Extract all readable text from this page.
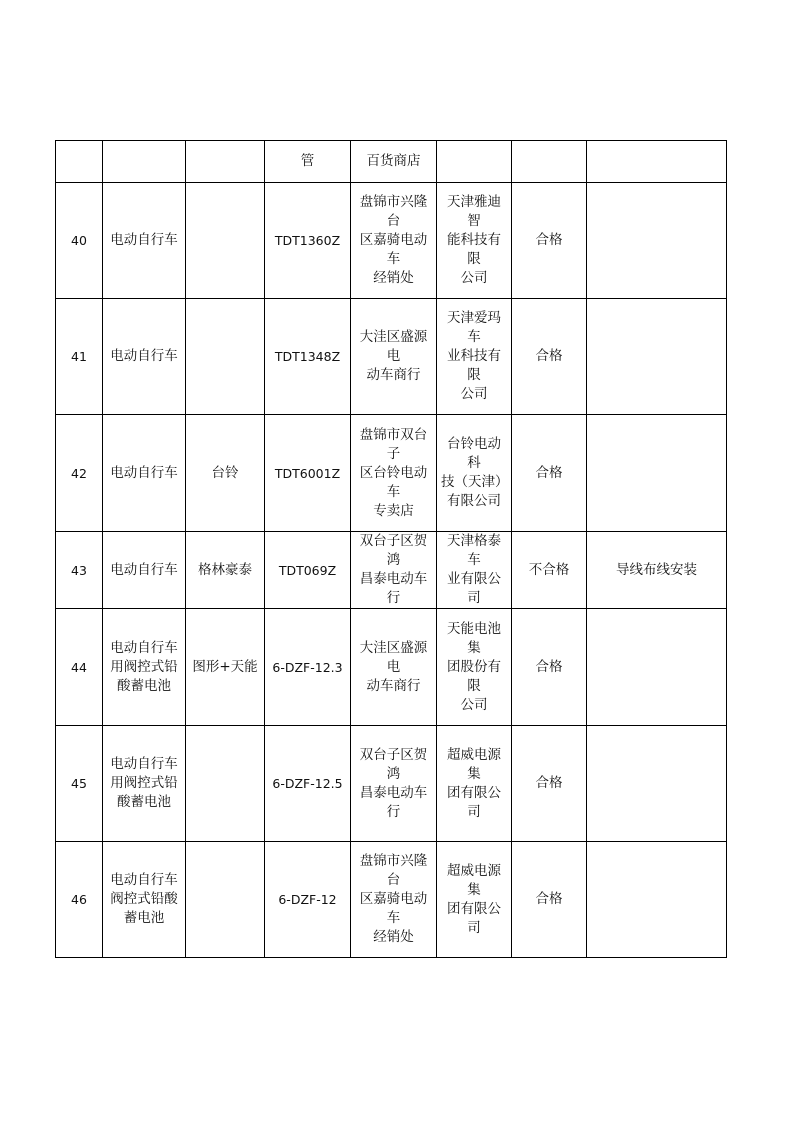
			管	百货商店			
40	电动自行车		TDT1360Z	盘锦市兴隆台
区嘉骑电动车
经销处	天津雅迪智
能科技有限
公司	合格	
41	电动自行车		TDT1348Z	大洼区盛源电
动车商行	天津爱玛车
业科技有限
公司	合格	
42	电动自行车	台铃	TDT6001Z	盘锦市双台子
区台铃电动车
专卖店	台铃电动科
技（天津）
有限公司	合格	
43	电动自行车	格林豪泰	TDT069Z	双台子区贺鸿
昌泰电动车行	天津格泰车
业有限公司	不合格	导线布线安装
44	电动自行车
用阀控式铅
酸蓄电池	图形+天能	6-DZF-12.3	大洼区盛源电
动车商行	天能电池集
团股份有限
公司	合格	
45	电动自行车
用阀控式铅
酸蓄电池		6-DZF-12.5	双台子区贺鸿
昌泰电动车行	超威电源集
团有限公司	合格	
46	电动自行车
阀控式铅酸
蓄电池		6-DZF-12	盘锦市兴隆台
区嘉骑电动车
经销处	超威电源集
团有限公司	合格	
